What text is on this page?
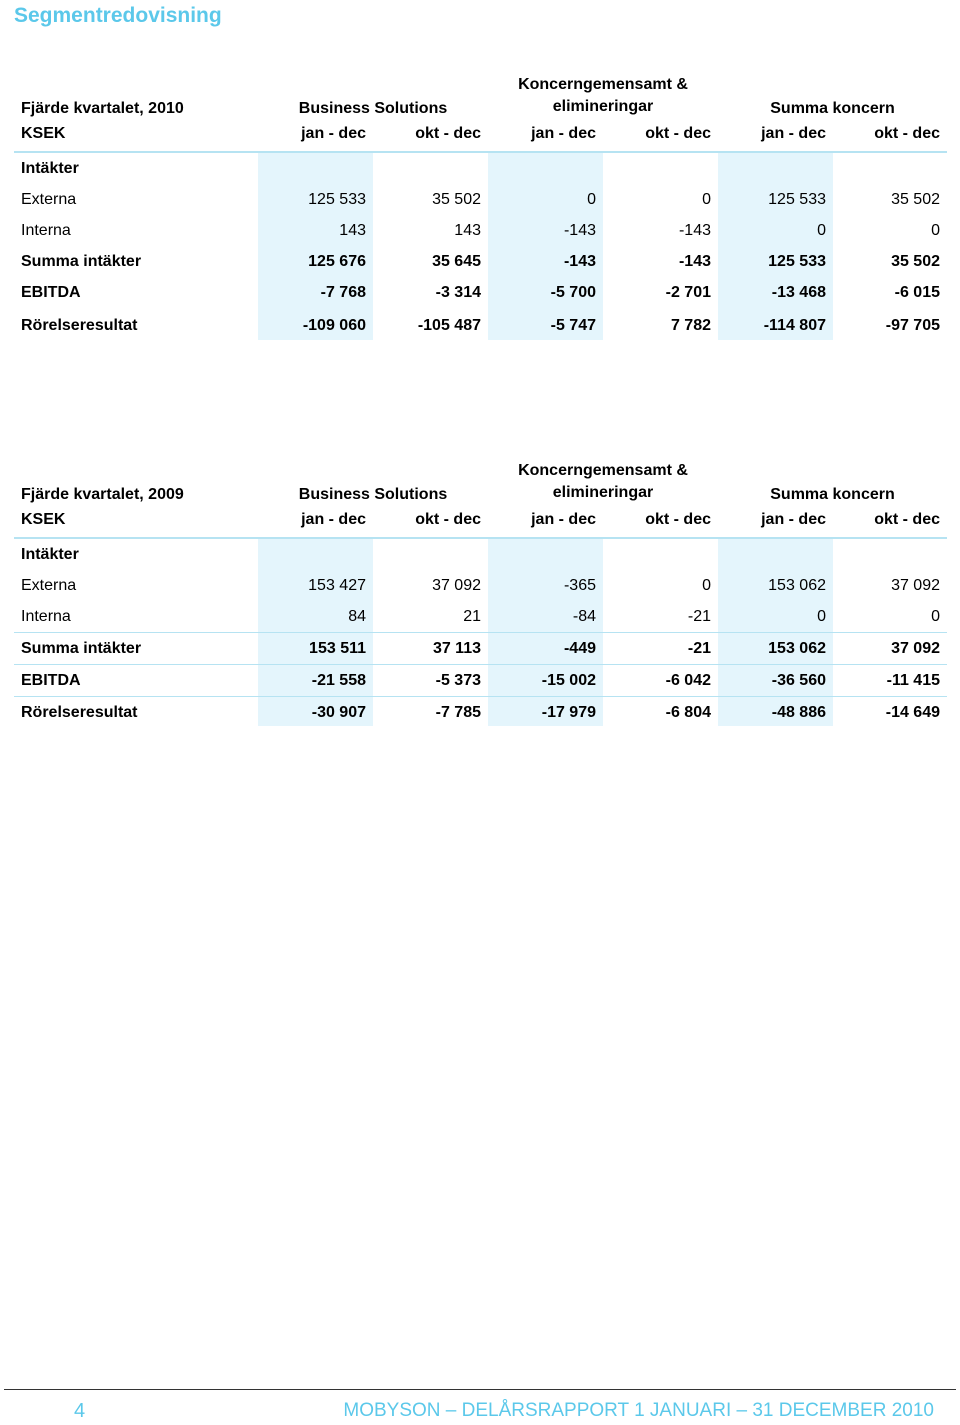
Segmentredovisning
Fjärde kvartalet, 2010	Business Solutions
Koncerngemensamt &
elimineringar	Summa koncern
KSEK	jan - dec	okt - dec	jan - dec	okt - dec	jan - dec	okt - dec
Intäkter
Externa	125 533	35 502	0	0	125 533	35 502
Interna	143	143	-143	-143	0	0
Summa intäkter	125 676	35 645	-143	-143	125 533	35 502
EBITDA	-7 768	-3 314	-5 700	-2 701	-13 468	-6 015
Rörelseresultat	-109 060	-105 487	-5 747	7 782	-114 807	-97 705
Fjärde kvartalet, 2009	Business Solutions
Koncerngemensamt &
elimineringar	Summa koncern
KSEK	jan - dec	okt - dec	jan - dec	okt - dec	jan - dec	okt - dec
Intäkter
Externa	153 427	37 092	-365	0	153 062	37 092
Interna	84	21	-84	-21	0	0
Summa intäkter	153 511	37 113	-449	-21	153 062	37 092
EBITDA	-21 558	-5 373	-15 002	-6 042	-36 560	-11 415
Rörelseresultat	-30 907	-7 785	-17 979	-6 804	-48 886	-14 649
4	MOBYSON – DELÅRSRAPPORT 1 JANUARI – 31 DECEMBER 2010
